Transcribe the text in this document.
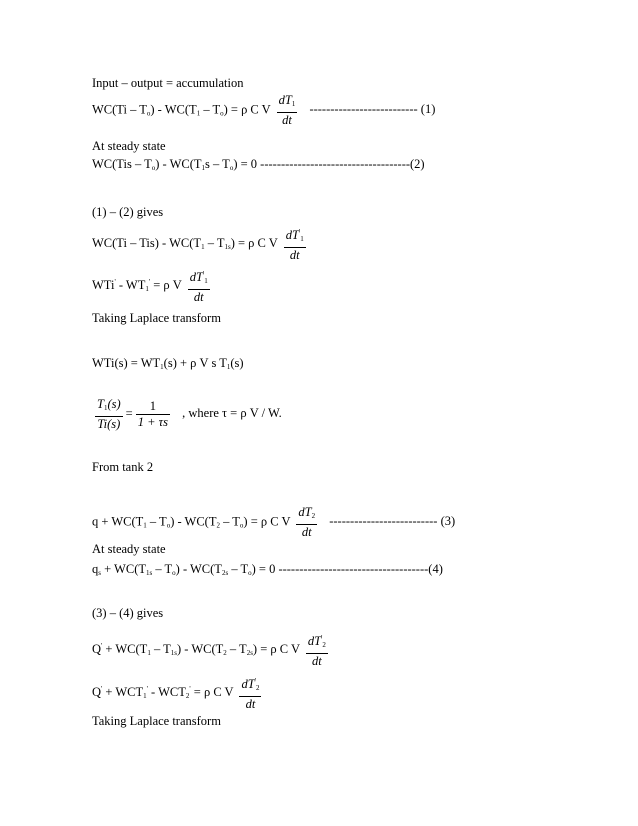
Input – output = accumulation
$WC(Ti - T_o) - WC(T_1 - T_o) = \rho$ C V $\frac{dT_1}{dt}$ -------------------------- (1)
At steady state
$WC(Tis - T_o) - WC(T_1s - T_o) = 0$ ------------------------------------(2)
(1) – (2) gives
$WC(Ti - Tis) - WC(T_1 - T_{1s}) = \rho$ C V $\frac{dT'_1}{dt}$
$WTi' - WT_1' = \rho$ V $\frac{dT'_1}{dt}$
Taking Laplace transform
$WTi(s) = WT_1(s) + \rho$ V s $T_1(s)$
$\frac{T_1(s)}{Ti(s)} = \frac{1}{1 + \tau s}$ , where τ = ρ V / W.
From tank 2
$q + WC(T_1 - T_o) - WC(T_2 - T_o) = \rho$ C V $\frac{dT_2}{dt}$ -------------------------- (3)
At steady state
$q_s + WC(T_{1s} - T_o) - WC(T_{2s} - T_o) = 0$ ------------------------------------(4)
(3) – (4) gives
$Q' + WC(T_1 - T_{1s}) - WC(T_2 - T_{2s}) = \rho$ C V $\frac{dT'_2}{dt}$
$Q' + WCT_1' - WCT_2' = \rho$ C V $\frac{dT'_2}{dt}$
Taking Laplace transform
